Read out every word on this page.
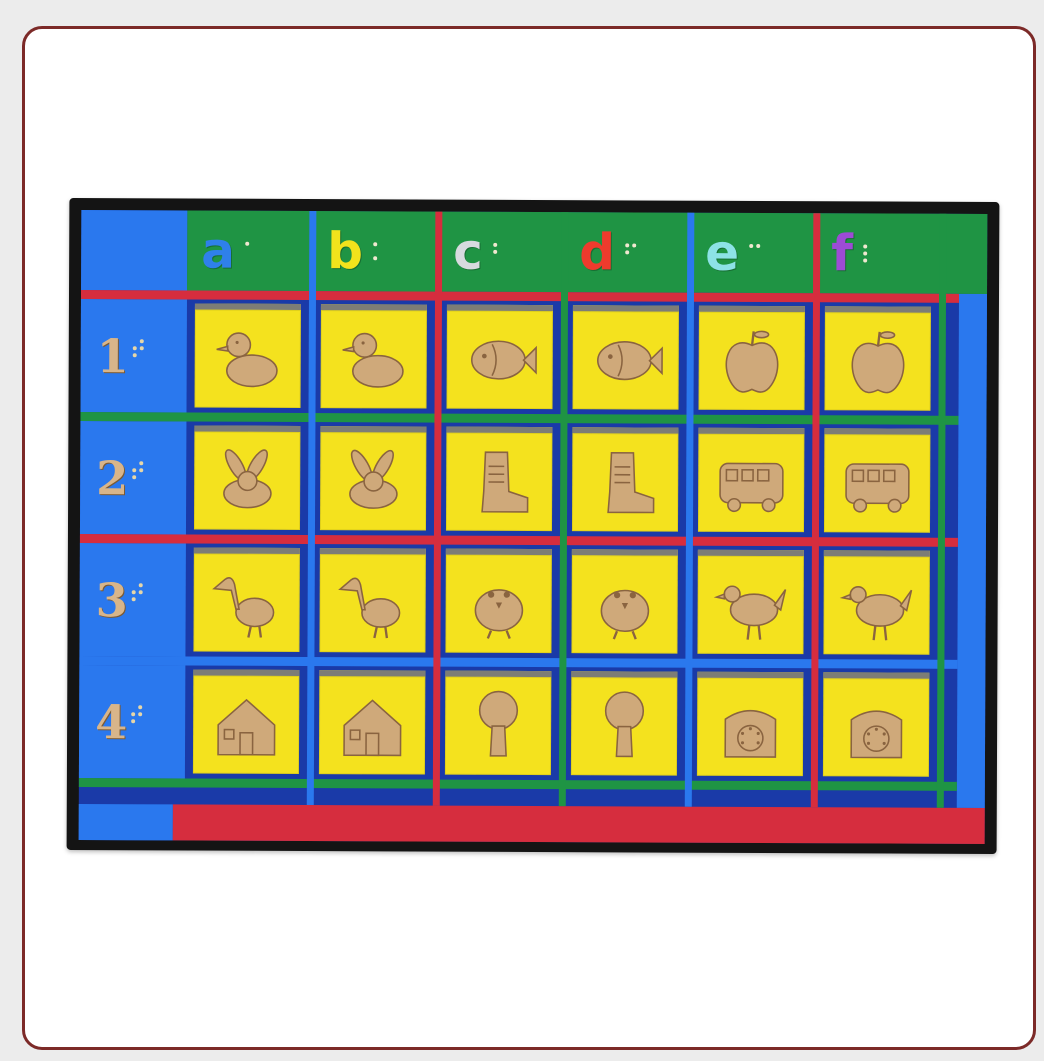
a b c d e f
1
2
3
4
